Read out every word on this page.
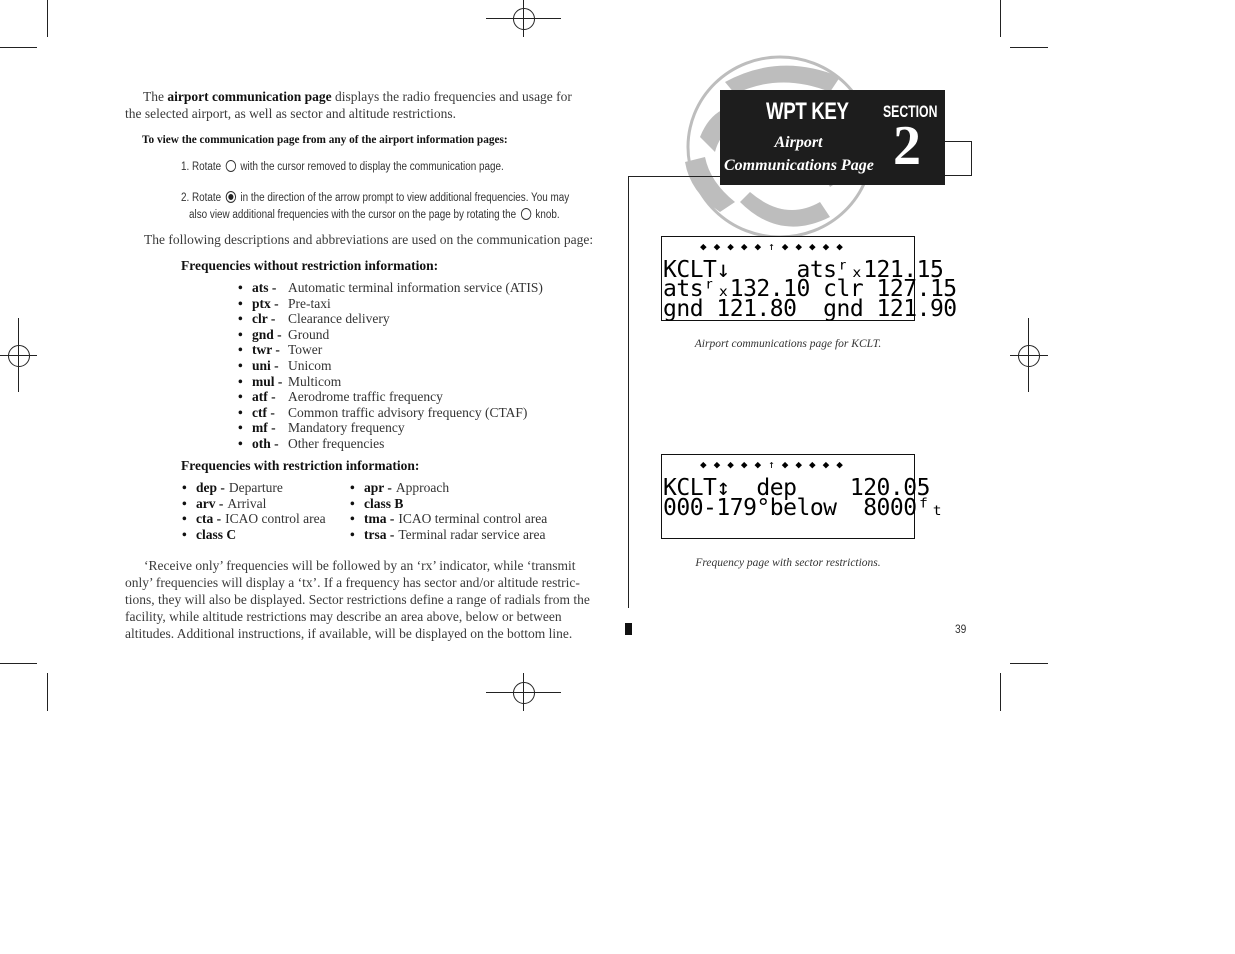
The airport communication page displays the radio frequencies and usage for
the selected airport, as well as sector and altitude restrictions.
To view the communication page from any of the airport information pages:
1. Rotate with the cursor removed to display the communication page.
2. Rotate in the direction of the arrow prompt to view additional frequencies. You may
also view additional frequencies with the cursor on the page by rotating the knob.
The following descriptions and abbreviations are used on the communication page:
Frequencies without restriction information:
• ats - Automatic terminal information service (ATIS)
• ptx - Pre-taxi
• clr - Clearance delivery
• gnd - Ground
• twr - Tower
• uni - Unicom
• mul - Multicom
• atf - Aerodrome traffic frequency
• ctf - Common traffic advisory frequency (CTAF)
• mf - Mandatory frequency
• oth - Other frequencies
Frequencies with restriction information:
• dep - Departure
• arv - Arrival
• cta - ICAO control area
• class C
• apr - Approach
• class B
• tma - ICAO terminal control area
• trsa - Terminal radar service area
‘Receive only’ frequencies will be followed by an ‘rx’ indicator, while ‘transmit
only’ frequencies will display a ‘tx’. If a frequency has sector and/or altitude restric-
tions, they will also be displayed. Sector restrictions define a range of radials from the
facility, while altitude restrictions may describe an area above, below or between
altitudes. Additional instructions, if available, will be displayed on the bottom line.
WPT KEY SECTION
2
Airport
Communications Page
◆◆◆◆◆↑◆◆◆◆◆
KCLT↓     atsʳₓ121.15
atsʳₓ132.10 clr 127.15
gnd 121.80  gnd 121.90
Airport communications page for KCLT.
◆◆◆◆◆↑◆◆◆◆◆
KCLT↕  dep    120.05
000-179°below  8000ᶠₜ
Frequency page with sector restrictions.
39
